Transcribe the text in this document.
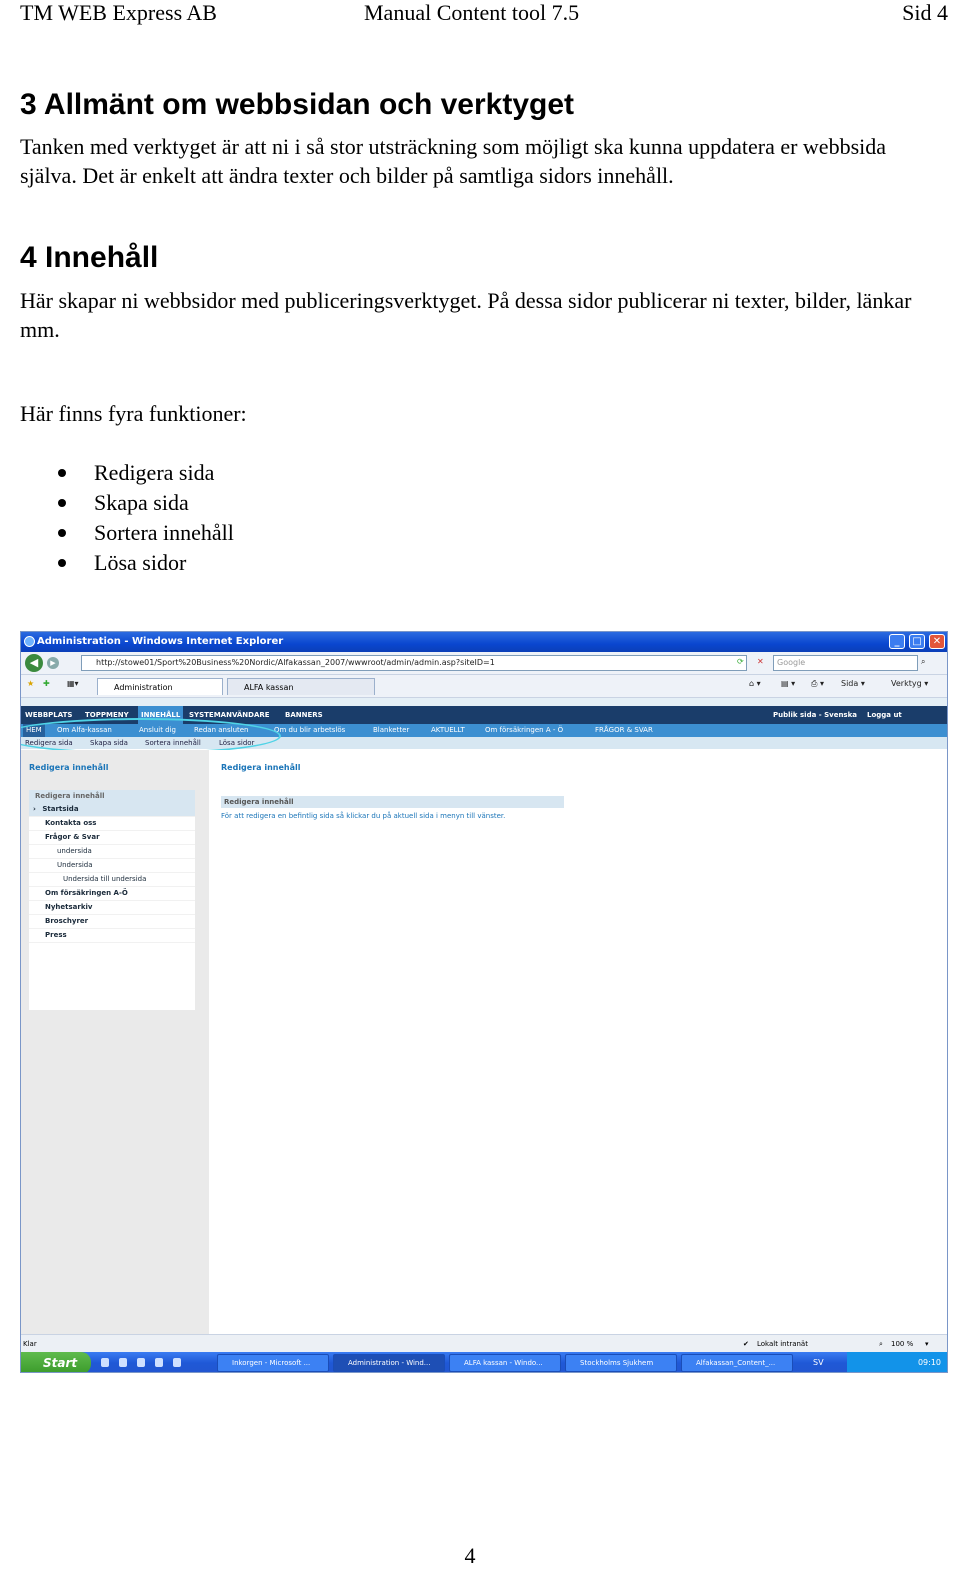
TM WEB Express AB	Manual Content tool 7.5	Sid 4
3 Allmänt om webbsidan och verktyget

Tanken med verktyget är att ni i så stor utsträckning som möjligt ska kunna uppdatera er webbsida själva. Det är enkelt att ändra texter och bilder på samtliga sidors innehåll.

4 Innehåll

Här skapar ni webbsidor med publiceringsverktyget. På dessa sidor publicerar ni texter, bilder, länkar mm.

Här finns fyra funktioner:

Redigera sida
Skapa sida
Sortera innehåll
Lösa sidor
Administration - Windows Internet Explorer	_	□	✕
◀	▶	http://stowe01/Sport%20Business%20Nordic/Alfakassan_2007/wwwroot/admin/admin.asp?siteID=1	⟳ ✕	Google	⌕
★ ✚ ▦▾	Administration	ALFA kassan	⌂ ▾	▤ ▾ ⎙ ▾ Sida ▾	Verktyg ▾
WEBBPLATS TOPPMENY	INNEHÅLL	SYSTEMANVÄNDARE BANNERS	Publik sida - Svenska Logga ut
HEM	Om Alfa-kassan	Ansluit dig	Redan ansluten	Om du blir arbetslös	Blanketter	AKTUELLT	Om försäkringen A - Ö	FRÅGOR & SVAR
Redigera sida Skapa sida Sortera innehåll	Lösa sidor
Redigera innehåll
Redigera innehåll
› Startsida
Kontakta oss
Frågor & Svar
undersida
Undersida
Undersida till undersida
Om försäkringen A-Ö
Nyhetsarkiv
Broschyrer
Press
Redigera innehåll
Redigera innehåll
För att redigera en befintlig sida så klickar du på aktuell sida i menyn till vänster.
Klar	✔ Lokalt intranät	⌕ 100 % ▾
Start	Inkorgen - Microsoft ...	Administration - Wind...	ALFA kassan - Windo...	Stockholms Sjukhem	Alfakassan_Content_...	SV	09:10
4
